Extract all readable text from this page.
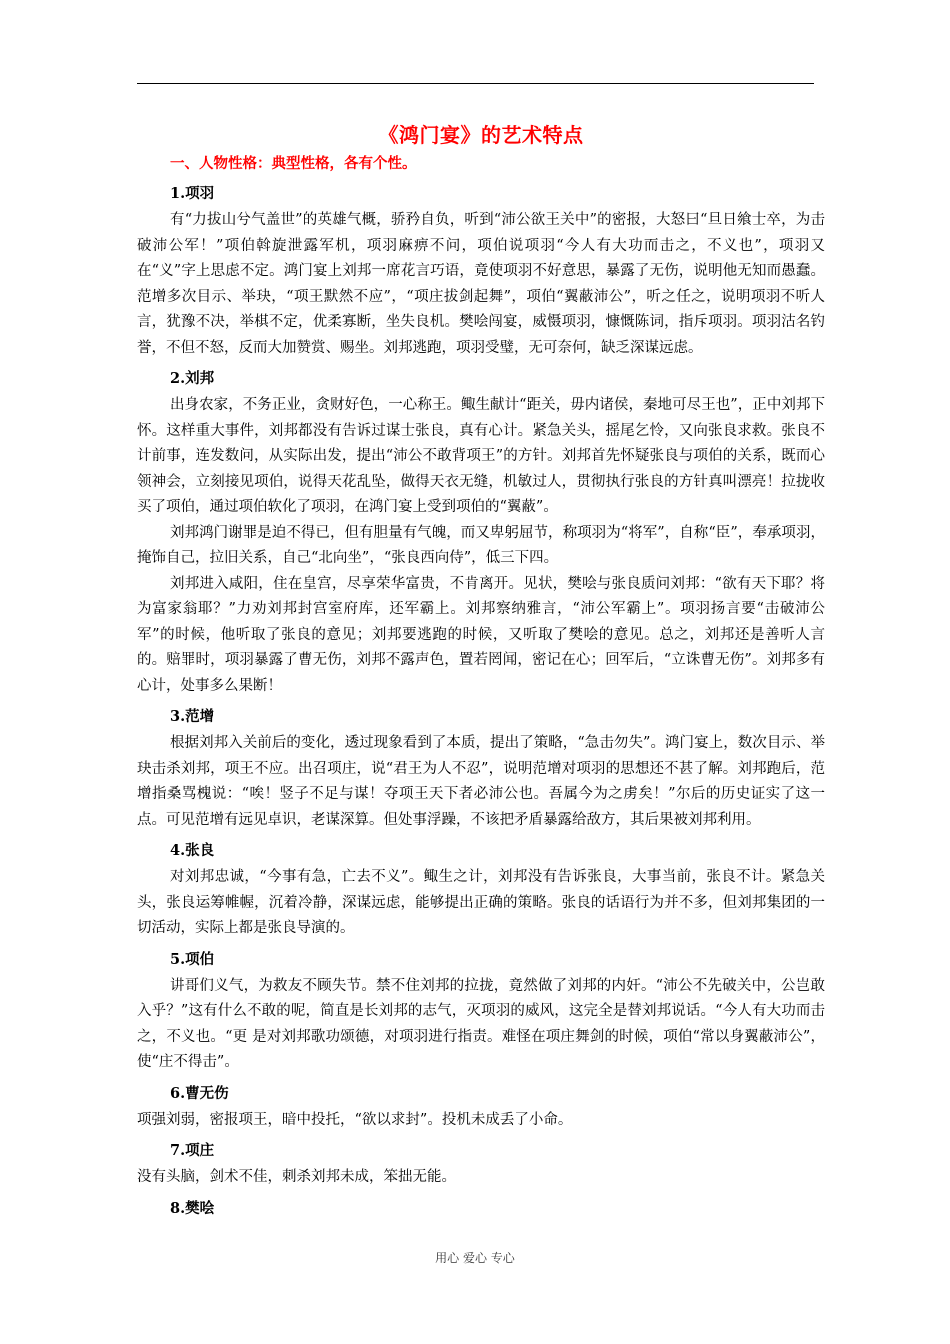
《鸿门宴》的艺术特点
一、人物性格：典型性格，各有个性。
1.项羽

有“力拔山兮气盖世”的英雄气概，骄矜自负，听到“沛公欲王关中”的密报，大怒曰“旦日飨士卒，为击破沛公军！”项伯斡旋泄露军机，项羽麻痹不问，项伯说项羽“今人有大功而击之，不义也”，项羽又在“义”字上思虑不定。鸿门宴上刘邦一席花言巧语，竟使项羽不好意思，暴露了无伤，说明他无知而愚蠢。范增多次目示、举玦，“项王默然不应”，“项庄拔剑起舞”，项伯“翼蔽沛公”，听之任之，说明项羽不听人言，犹豫不决，举棋不定，优柔寡断，坐失良机。樊哙闯宴，威慑项羽，慷慨陈词，指斥项羽。项羽沽名钓誉，不但不怒，反而大加赞赏、赐坐。刘邦逃跑，项羽受璧，无可奈何，缺乏深谋远虑。

2.刘邦

出身农家，不务正业，贪财好色，一心称王。鲰生献计“距关，毋内诸侯，秦地可尽王也”，正中刘邦下怀。这样重大事件，刘邦都没有告诉过谋士张良，真有心计。紧急关头，摇尾乞怜，又向张良求救。张良不计前事，连发数问，从实际出发，提出“沛公不敢背项王”的方针。刘邦首先怀疑张良与项伯的关系，既而心领神会，立刻接见项伯，说得天花乱坠，做得天衣无缝，机敏过人，贯彻执行张良的方针真叫漂亮！拉拢收买了项伯，通过项伯软化了项羽，在鸿门宴上受到项伯的“翼蔽”。

刘邦鸿门谢罪是迫不得已，但有胆量有气魄，而又卑躬屈节，称项羽为“将军”，自称“臣”，奉承项羽，掩饰自己，拉旧关系，自己“北向坐”，“张良西向侍”，低三下四。

刘邦进入咸阳，住在皇宫，尽享荣华富贵，不肯离开。见状，樊哙与张良质问刘邦：“欲有天下耶？将为富家翁耶？”力劝刘邦封宫室府库，还军霸上。刘邦察纳雅言，“沛公军霸上”。项羽扬言要“击破沛公军”的时候，他听取了张良的意见；刘邦要逃跑的时候，又听取了樊哙的意见。总之，刘邦还是善听人言的。赔罪时，项羽暴露了曹无伤，刘邦不露声色，置若罔闻，密记在心；回军后，“立诛曹无伤”。刘邦多有心计，处事多么果断！

3.范增

根据刘邦入关前后的变化，透过现象看到了本质，提出了策略，“急击勿失”。鸿门宴上，数次目示、举玦击杀刘邦，项王不应。出召项庄，说“君王为人不忍”，说明范增对项羽的思想还不甚了解。刘邦跑后，范增指桑骂槐说：“唉！竖子不足与谋！夺项王天下者必沛公也。吾属今为之虏矣！”尔后的历史证实了这一点。可见范增有远见卓识，老谋深算。但处事浮躁，不该把矛盾暴露给敌方，其后果被刘邦利用。

4.张良

对刘邦忠诚，“今事有急，亡去不义”。鲰生之计，刘邦没有告诉张良，大事当前，张良不计。紧急关头，张良运筹帷幄，沉着冷静，深谋远虑，能够提出正确的策略。张良的话语行为并不多，但刘邦集团的一切活动，实际上都是张良导演的。

5.项伯

讲哥们义气，为救友不顾失节。禁不住刘邦的拉拢，竟然做了刘邦的内奸。“沛公不先破关中，公岂敢入乎？”这有什么不敢的呢，简直是长刘邦的志气，灭项羽的威风，这完全是替刘邦说话。“今人有大功而击之，不义也。“更 是对刘邦歌功颂德，对项羽进行指责。难怪在项庄舞剑的时候，项伯“常以身翼蔽沛公”，使“庄不得击”。

6.曹无伤

项强刘弱，密报项王，暗中投托，“欲以求封”。投机未成丢了小命。

7.项庄

没有头脑，剑术不佳，刺杀刘邦未成，笨拙无能。

8.樊哙
用心 爱心 专心
